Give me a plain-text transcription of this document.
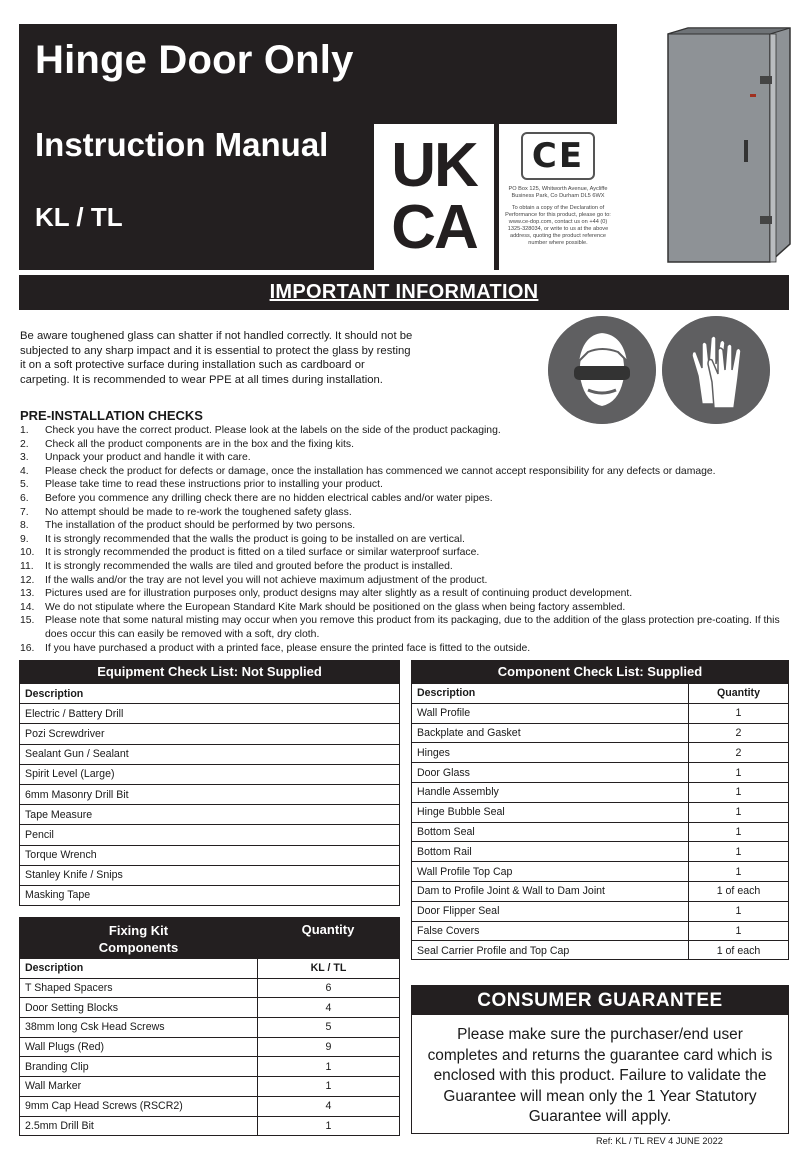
Hinge Door Only
Instruction Manual
KL / TL
UK
CA
CE

PO Box 125, Whitworth Avenue, Aycliffe Business Park, Co Durham DL5 6WX

To obtain a copy of the Declaration of Performance for this product, please go to: www.ce-dop.com, contact us on +44 (0) 1325-328034, or write to us at the above address, quoting the product reference number where possible.

IMPORTANT INFORMATION

Be aware toughened glass can shatter if not handled correctly. It should not be subjected to any sharp impact and it is essential to protect the glass by resting it on a soft protective surface during installation such as cardboard or carpeting. It is recommended to wear PPE at all times during installation.

PRE-INSTALLATION CHECKS
1.	Check you have the correct product. Please look at the labels on the side of the product packaging.
2.	Check all the product components are in the box and the fixing kits.
3.	Unpack your product and handle it with care.
4.	Please check the product for defects or damage, once the installation has commenced we cannot accept responsibility for any defects or damage.
5.	Please take time to read these instructions prior to installing your product.
6.	Before you commence any drilling check there are no hidden electrical cables and/or water pipes.
7.	No attempt should be made to re-work the toughened safety glass.
8.	The installation of the product should be performed by two persons.
9.	It is strongly recommended that the walls the product is going to be installed on are vertical.
10.	It is strongly recommended the product is fitted on a tiled surface or similar waterproof surface.
11.	It is strongly recommended the walls are tiled and grouted before the product is installed.
12.	If the walls and/or the tray are not level you will not achieve maximum adjustment of the product.
13.	Pictures used are for illustration purposes only, product designs may alter slightly as a result of continuing product development.
14.	We do not stipulate where the European Standard Kite Mark should be positioned on the glass when being factory assembled.
15.	Please note that some natural misting may occur when you remove this product from its packaging, due to the addition of the glass protection pre-coating. If this does occur this can easily be removed with a soft, dry cloth.
16.	If you have purchased a product with a printed face, please ensure the printed face is fitted to the outside.
Equipment Check List: Not Supplied
Description
Electric / Battery Drill
Pozi Screwdriver
Sealant Gun / Sealant
Spirit Level (Large)
6mm Masonry Drill Bit
Tape Measure
Pencil
Torque Wrench
Stanley Knife / Snips
Masking Tape
Component Check List: Supplied
Description	Quantity
Wall Profile	1
Backplate and Gasket	2
Hinges	2
Door Glass	1
Handle Assembly	1
Hinge Bubble Seal	1
Bottom Seal	1
Bottom Rail	1
Wall Profile Top Cap	1
Dam to Profile Joint & Wall to Dam Joint	1 of each
Door Flipper Seal	1
False Covers	1
Seal Carrier Profile and Top Cap	1 of each
Fixing Kit
Components
Quantity
Description	KL / TL
T Shaped Spacers	6
Door Setting Blocks	4
38mm long Csk Head Screws	5
Wall Plugs (Red)	9
Branding Clip	1
Wall Marker	1
9mm Cap Head Screws (RSCR2)	4
2.5mm Drill Bit	1
CONSUMER GUARANTEE
Please make sure the purchaser/end user completes and returns the guarantee card which is enclosed with this product. Failure to validate the Guarantee will mean only the 1 Year Statutory Guarantee will apply.
Ref: KL / TL REV 4 JUNE 2022
